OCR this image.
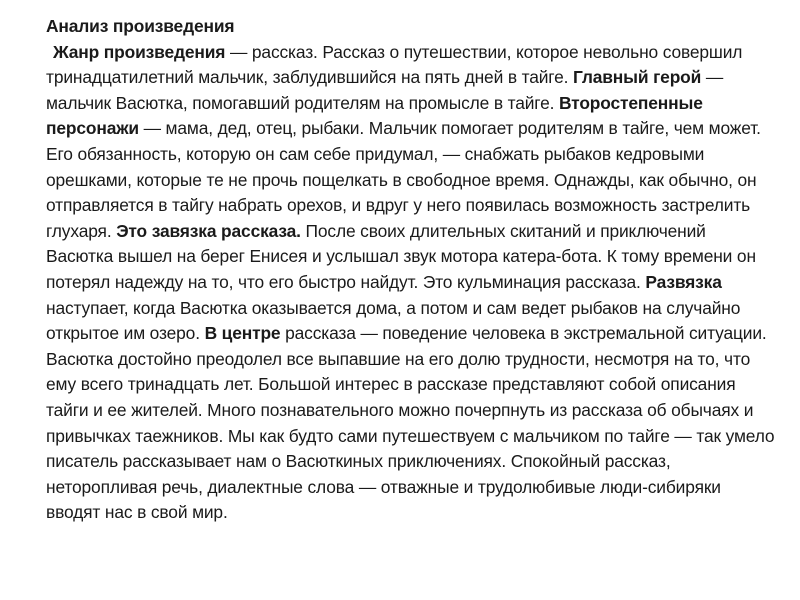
Анализ произведения
Жанр произведения — рассказ. Рассказ о путешествии, которое невольно совершил тринадцатилетний мальчик, заблудившийся на пять дней в тайге. Главный герой — мальчик Васютка, помогавший родителям на промысле в тайге. Второстепенные персонажи — мама, дед, отец, рыбаки. Мальчик помогает родителям в тайге, чем может. Его обязанность, которую он сам себе придумал, — снабжать рыбаков кедровыми орешками, которые те не прочь пощелкать в свободное время. Однажды, как обычно, он отправляется в тайгу набрать орехов, и вдруг у него появилась возможность застрелить глухаря. Это завязка рассказа. После своих длительных скитаний и приключений Васютка вышел на берег Енисея и услышал звук мотора катера-бота. К тому времени он потерял надежду на то, что его быстро найдут. Это кульминация рассказа. Развязка наступает, когда Васютка оказывается дома, а потом и сам ведет рыбаков на случайно открытое им озеро. В центре рассказа — поведение человека в экстремальной ситуации. Васютка достойно преодолел все выпавшие на его долю трудности, несмотря на то, что ему всего тринадцать лет. Большой интерес в рассказе представляют собой описания тайги и ее жителей. Много познавательного можно почерпнуть из рассказа об обычаях и привычках таежников. Мы как будто сами путешествуем с мальчиком по тайге — так умело писатель рассказывает нам о Васюткиных приключениях. Спокойный рассказ, неторопливая речь, диалектные слова — отважные и трудолюбивые люди-сибиряки вводят нас в свой мир.
